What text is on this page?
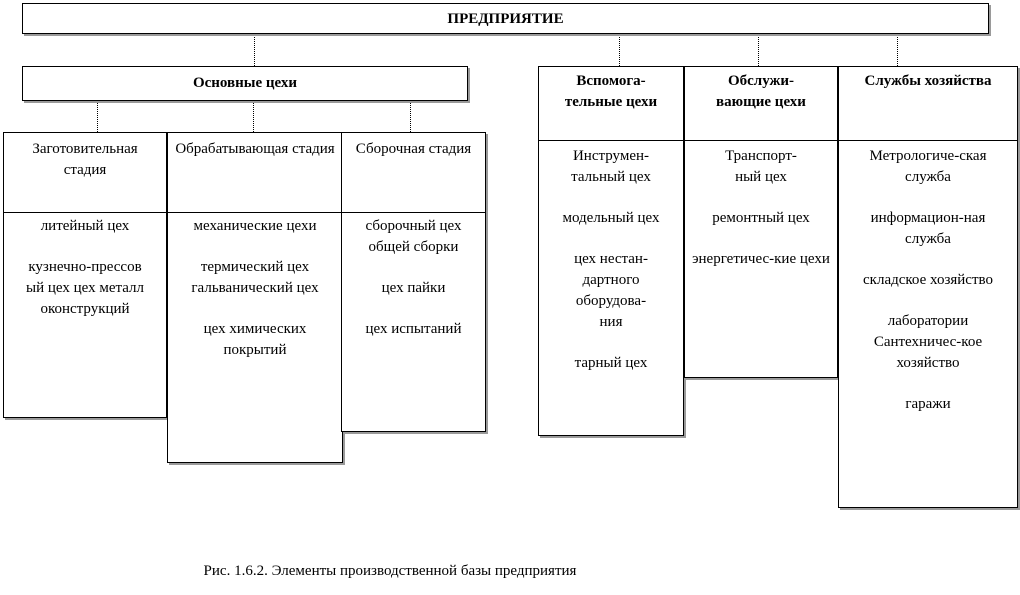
ПРЕДПРИЯТИЕ
Основные цехи
Заготовительная стадия
литейный цех
кузнечно-прессовый цех цех металлоконструкций
Обрабатывающая стадия
механические цехи
термический цех гальванический цех
цех химических покрытий
Сборочная стадия
сборочный цех общей сборки
цех пайки
цех испытаний
Вспомога-тельные цехи
Инструмен-тальный цех
модельный цех
цех нестан-дартного оборудова-ния
тарный цех
Обслужи-вающие цехи
Транспорт-ный цех
ремонтный цех
энергетичес-кие цехи
Службы хозяйства
Метрологиче-ская служба
информацион-ная служба
складское хозяйство
лаборатории Сантехничес-кое хозяйство
гаражи
Рис. 1.6.2. Элементы производственной базы предприятия
